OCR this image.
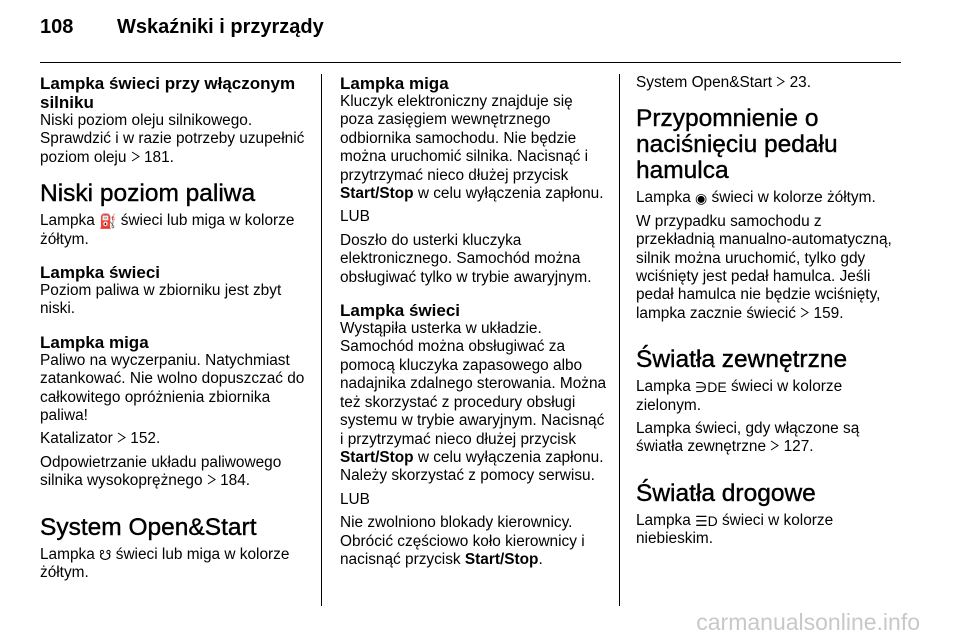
108	Wskaźniki i przyrządy
Lampka świeci przy włączonym silniku

Niski poziom oleju silnikowego. Sprawdzić i w razie potrzeby uzupełnić poziom oleju  181.

Niski poziom paliwa

Lampka ⛽ świeci lub miga w kolorze żółtym.

Lampka świeci

Poziom paliwa w zbiorniku jest zbyt niski.

Lampka miga

Paliwo na wyczerpaniu. Natychmiast zatankować. Nie wolno dopuszczać do całkowitego opróżnienia zbiornika paliwa!

Katalizator  152.

Odpowietrzanie układu paliwowego silnika wysokoprężnego  184.

System Open&Start

Lampka ☋ świeci lub miga w kolorze żółtym.

Lampka miga

Kluczyk elektroniczny znajduje się poza zasięgiem wewnętrznego odbiornika samochodu. Nie będzie można uruchomić silnika. Nacisnąć i przytrzymać nieco dłużej przycisk Start/Stop w celu wyłączenia zapłonu.

LUB

Doszło do usterki kluczyka elektronicznego. Samochód można obsługiwać tylko w trybie awaryjnym.

Lampka świeci

Wystąpiła usterka w układzie. Samochód można obsługiwać za pomocą kluczyka zapasowego albo nadajnika zdalnego sterowania. Można też skorzystać z procedury obsługi systemu w trybie awaryjnym. Nacisnąć i przytrzymać nieco dłużej przycisk Start/Stop w celu wyłączenia zapłonu. Należy skorzystać z pomocy serwisu.

LUB

Nie zwolniono blokady kierownicy. Obrócić częściowo koło kierownicy i nacisnąć przycisk Start/Stop.

System Open&Start  23.

Przypomnienie o naciśnięciu pedału hamulca

Lampka ◉ świeci w kolorze żółtym.

W przypadku samochodu z przekładnią manualno-automatyczną, silnik można uruchomić, tylko gdy wciśnięty jest pedał hamulca. Jeśli pedał hamulca nie będzie wciśnięty, lampka zacznie świecić  159.

Światła zewnętrzne

Lampka ∋DE świeci w kolorze zielonym.

Lampka świeci, gdy włączone są światła zewnętrzne  127.

Światła drogowe

Lampka ☰D świeci w kolorze niebieskim.

carmanualsonline.info
